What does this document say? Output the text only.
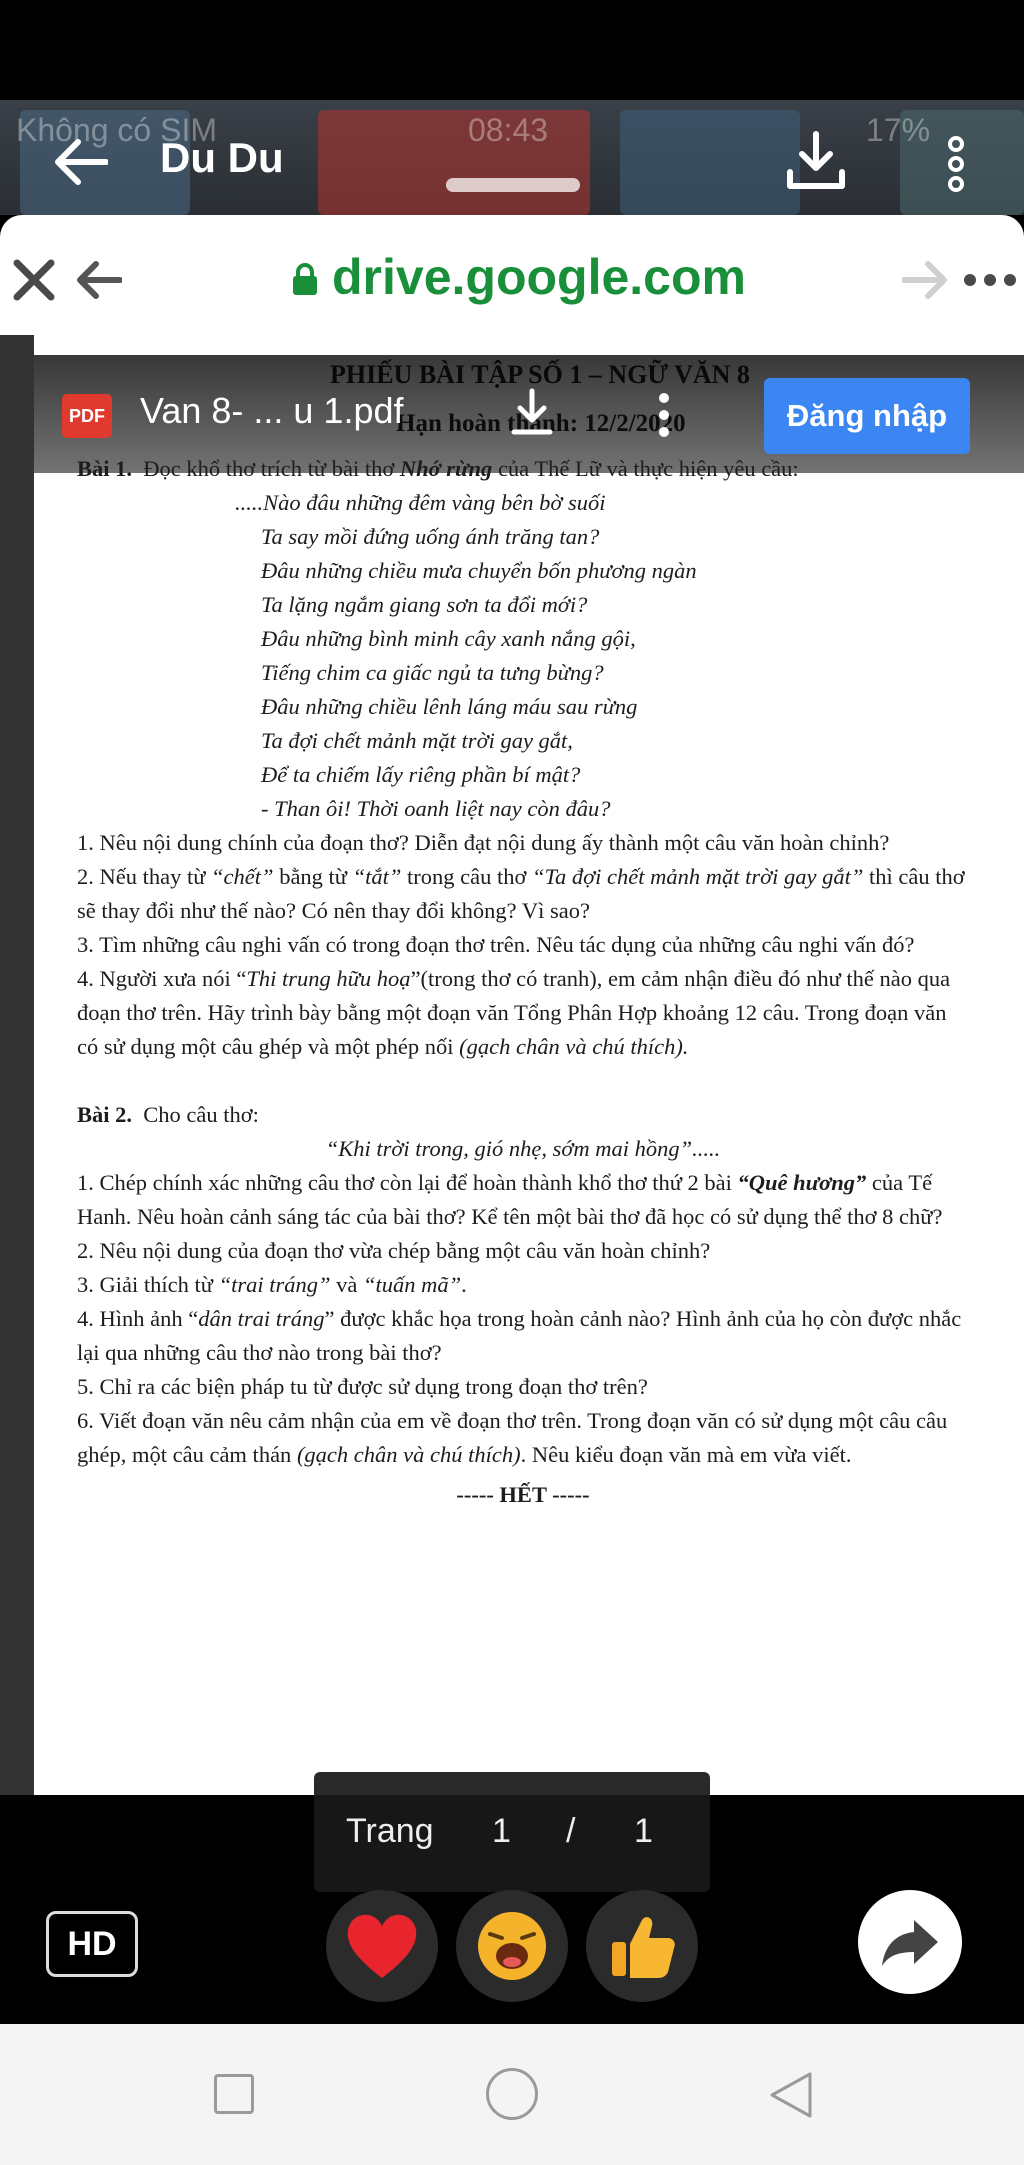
Không có SIM	08:43	17%
Du Du
drive.google.com
PDF Van 8- ... u 1.pdf	Đăng nhập

Bài 1. Đọc khổ thơ trích từ bài thơ Nhớ rừng của Thế Lữ và thực hiện yêu cầu:

.....Nào đâu những đêm vàng bên bờ suối

Ta say mồi đứng uống ánh trăng tan?

Đâu những chiều mưa chuyển bốn phương ngàn

Ta lặng ngắm giang sơn ta đổi mới?

Đâu những bình minh cây xanh nắng gội,

Tiếng chim ca giấc ngủ ta tưng bừng?

Đâu những chiều lênh láng máu sau rừng

Ta đợi chết mảnh mặt trời gay gắt,

Để ta chiếm lấy riêng phần bí mật?

- Than ôi! Thời oanh liệt nay còn đâu?

1. Nêu nội dung chính của đoạn thơ? Diễn đạt nội dung ấy thành một câu văn hoàn chỉnh?

2. Nếu thay từ “chết” bằng từ “tắt” trong câu thơ “Ta đợi chết mảnh mặt trời gay gắt” thì câu thơ sẽ thay đổi như thế nào? Có nên thay đổi không? Vì sao?

3. Tìm những câu nghi vấn có trong đoạn thơ trên. Nêu tác dụng của những câu nghi vấn đó?

4. Người xưa nói “Thi trung hữu hoạ”(trong thơ có tranh), em cảm nhận điều đó như thế nào qua đoạn thơ trên. Hãy trình bày bằng một đoạn văn Tổng Phân Hợp khoảng 12 câu. Trong đoạn văn có sử dụng một câu ghép và một phép nối (gạch chân và chú thích).

Bài 2. Cho câu thơ:

“Khi trời trong, gió nhẹ, sớm mai hồng”.....

1. Chép chính xác những câu thơ còn lại để hoàn thành khổ thơ thứ 2 bài “Quê hương” của Tế Hanh. Nêu hoàn cảnh sáng tác của bài thơ? Kể tên một bài thơ đã học có sử dụng thể thơ 8 chữ?

2. Nêu nội dung của đoạn thơ vừa chép bằng một câu văn hoàn chỉnh?

3. Giải thích từ “trai tráng” và “tuấn mã”.

4. Hình ảnh “dân trai tráng” được khắc họa trong hoàn cảnh nào? Hình ảnh của họ còn được nhắc lại qua những câu thơ nào trong bài thơ?

5. Chỉ ra các biện pháp tu từ được sử dụng trong đoạn thơ trên?

6. Viết đoạn văn nêu cảm nhận của em về đoạn thơ trên. Trong đoạn văn có sử dụng một câu câu ghép, một câu cảm thán (gạch chân và chú thích). Nêu kiểu đoạn văn mà em vừa viết.

----- HẾT -----

Trang 1 / 1
HD
